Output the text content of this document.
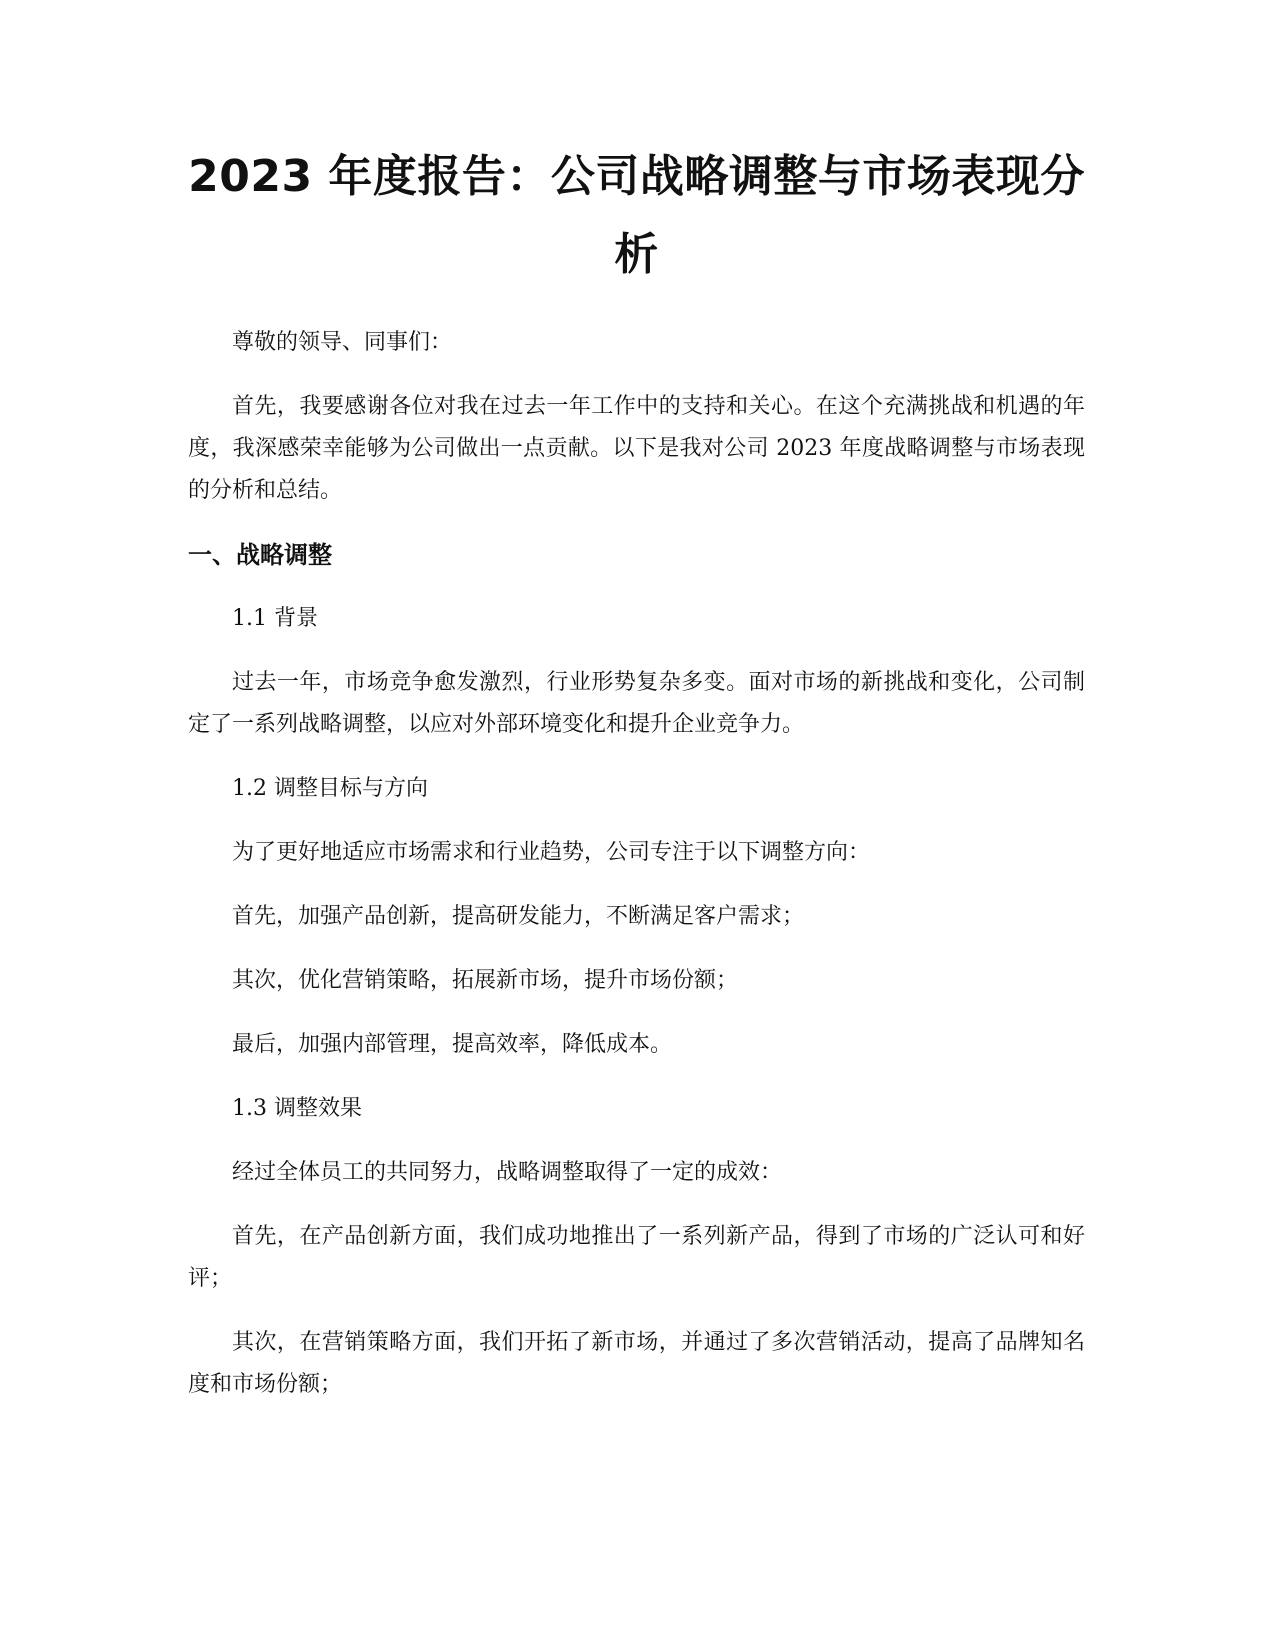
2023 年度报告：公司战略调整与市场表现分析

尊敬的领导、同事们：

首先，我要感谢各位对我在过去一年工作中的支持和关心。在这个充满挑战和机遇的年度，我深感荣幸能够为公司做出一点贡献。以下是我对公司 2023 年度战略调整与市场表现的分析和总结。

一、战略调整

1.1 背景

过去一年，市场竞争愈发激烈，行业形势复杂多变。面对市场的新挑战和变化，公司制定了一系列战略调整，以应对外部环境变化和提升企业竞争力。

1.2 调整目标与方向

为了更好地适应市场需求和行业趋势，公司专注于以下调整方向：

首先，加强产品创新，提高研发能力，不断满足客户需求；

其次，优化营销策略，拓展新市场，提升市场份额；

最后，加强内部管理，提高效率，降低成本。

1.3 调整效果

经过全体员工的共同努力，战略调整取得了一定的成效：

首先，在产品创新方面，我们成功地推出了一系列新产品，得到了市场的广泛认可和好评；

其次，在营销策略方面，我们开拓了新市场，并通过了多次营销活动，提高了品牌知名度和市场份额；
